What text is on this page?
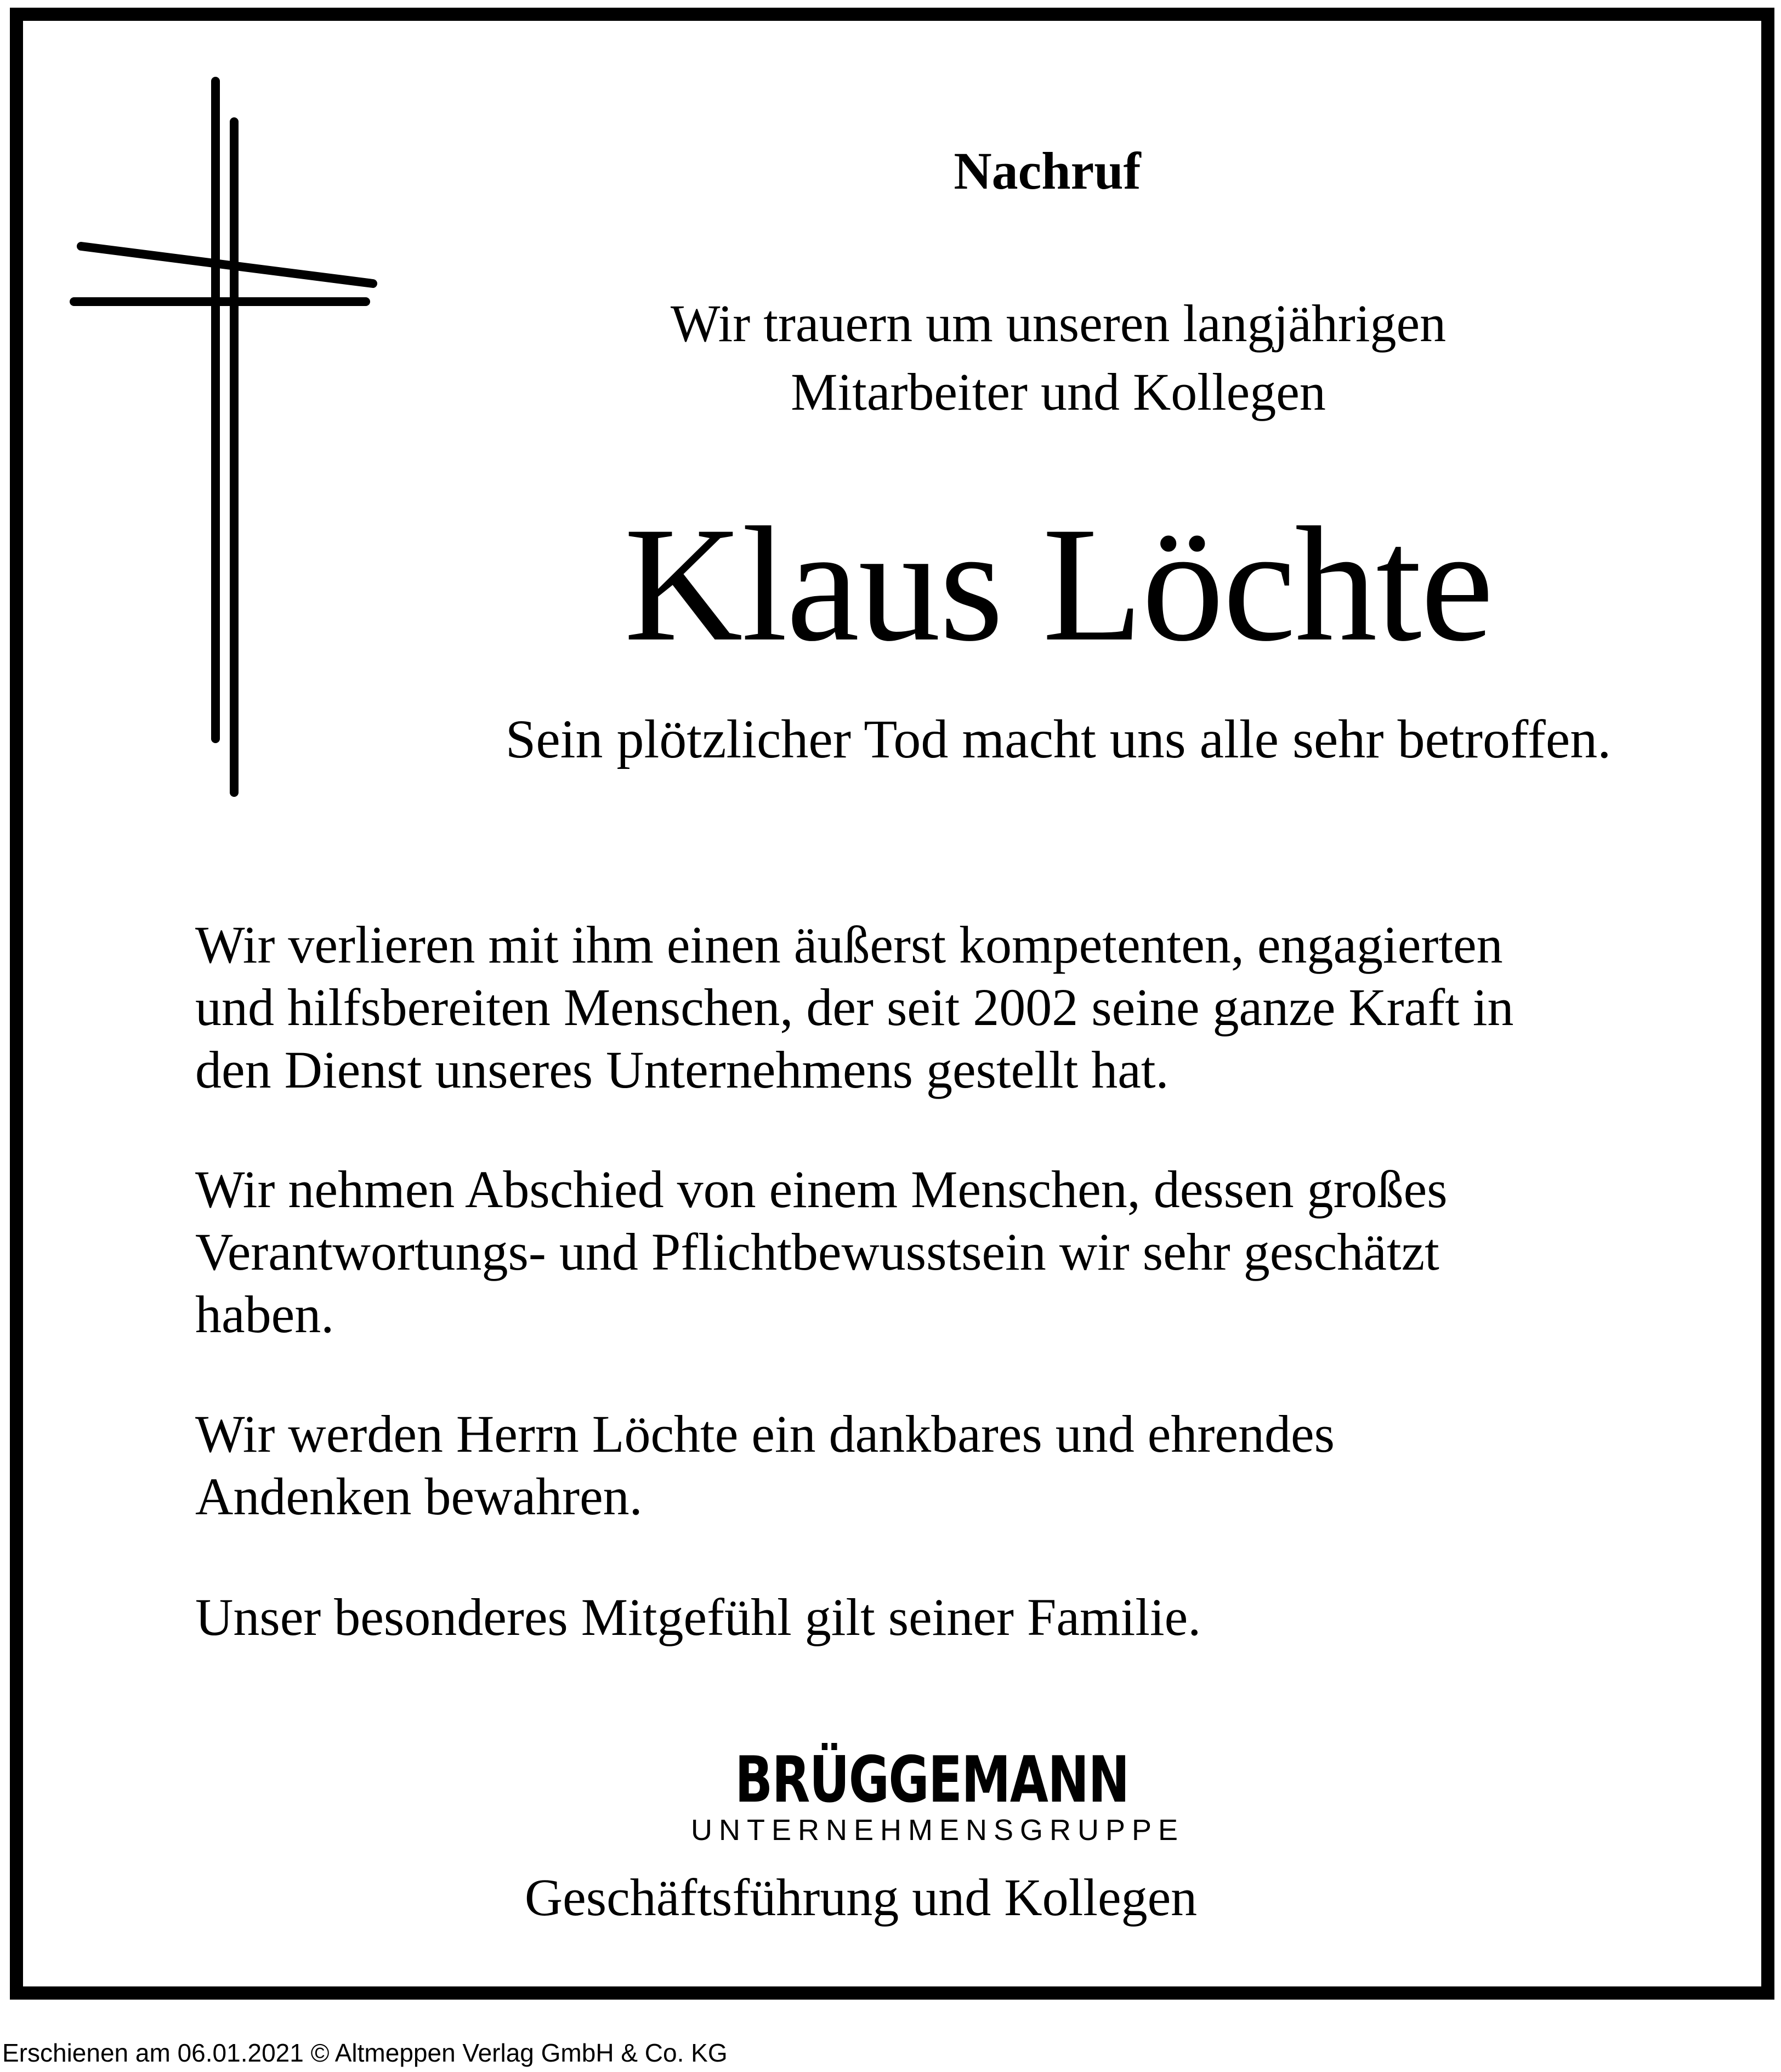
Nachruf
Wir trauern um unseren langjährigen
Mitarbeiter und Kollegen
Klaus Löchte
Sein plötzlicher Tod macht uns alle sehr betroffen.
Wir verlieren mit ihm einen äußerst kompetenten, engagierten
und hilfsbereiten Menschen, der seit 2002 seine ganze Kraft in
den Dienst unseres Unternehmens gestellt hat.
Wir nehmen Abschied von einem Menschen, dessen großes
Verantwortungs- und Pflichtbewusstsein wir sehr geschätzt
haben.
Wir werden Herrn Löchte ein dankbares und ehrendes
Andenken bewahren.
Unser besonderes Mitgefühl gilt seiner Familie.
BRÜGGEMANN
UNTERNEHMENSGRUPPE
Geschäftsführung und Kollegen
Erschienen am 06.01.2021 © Altmeppen Verlag GmbH & Co. KG
